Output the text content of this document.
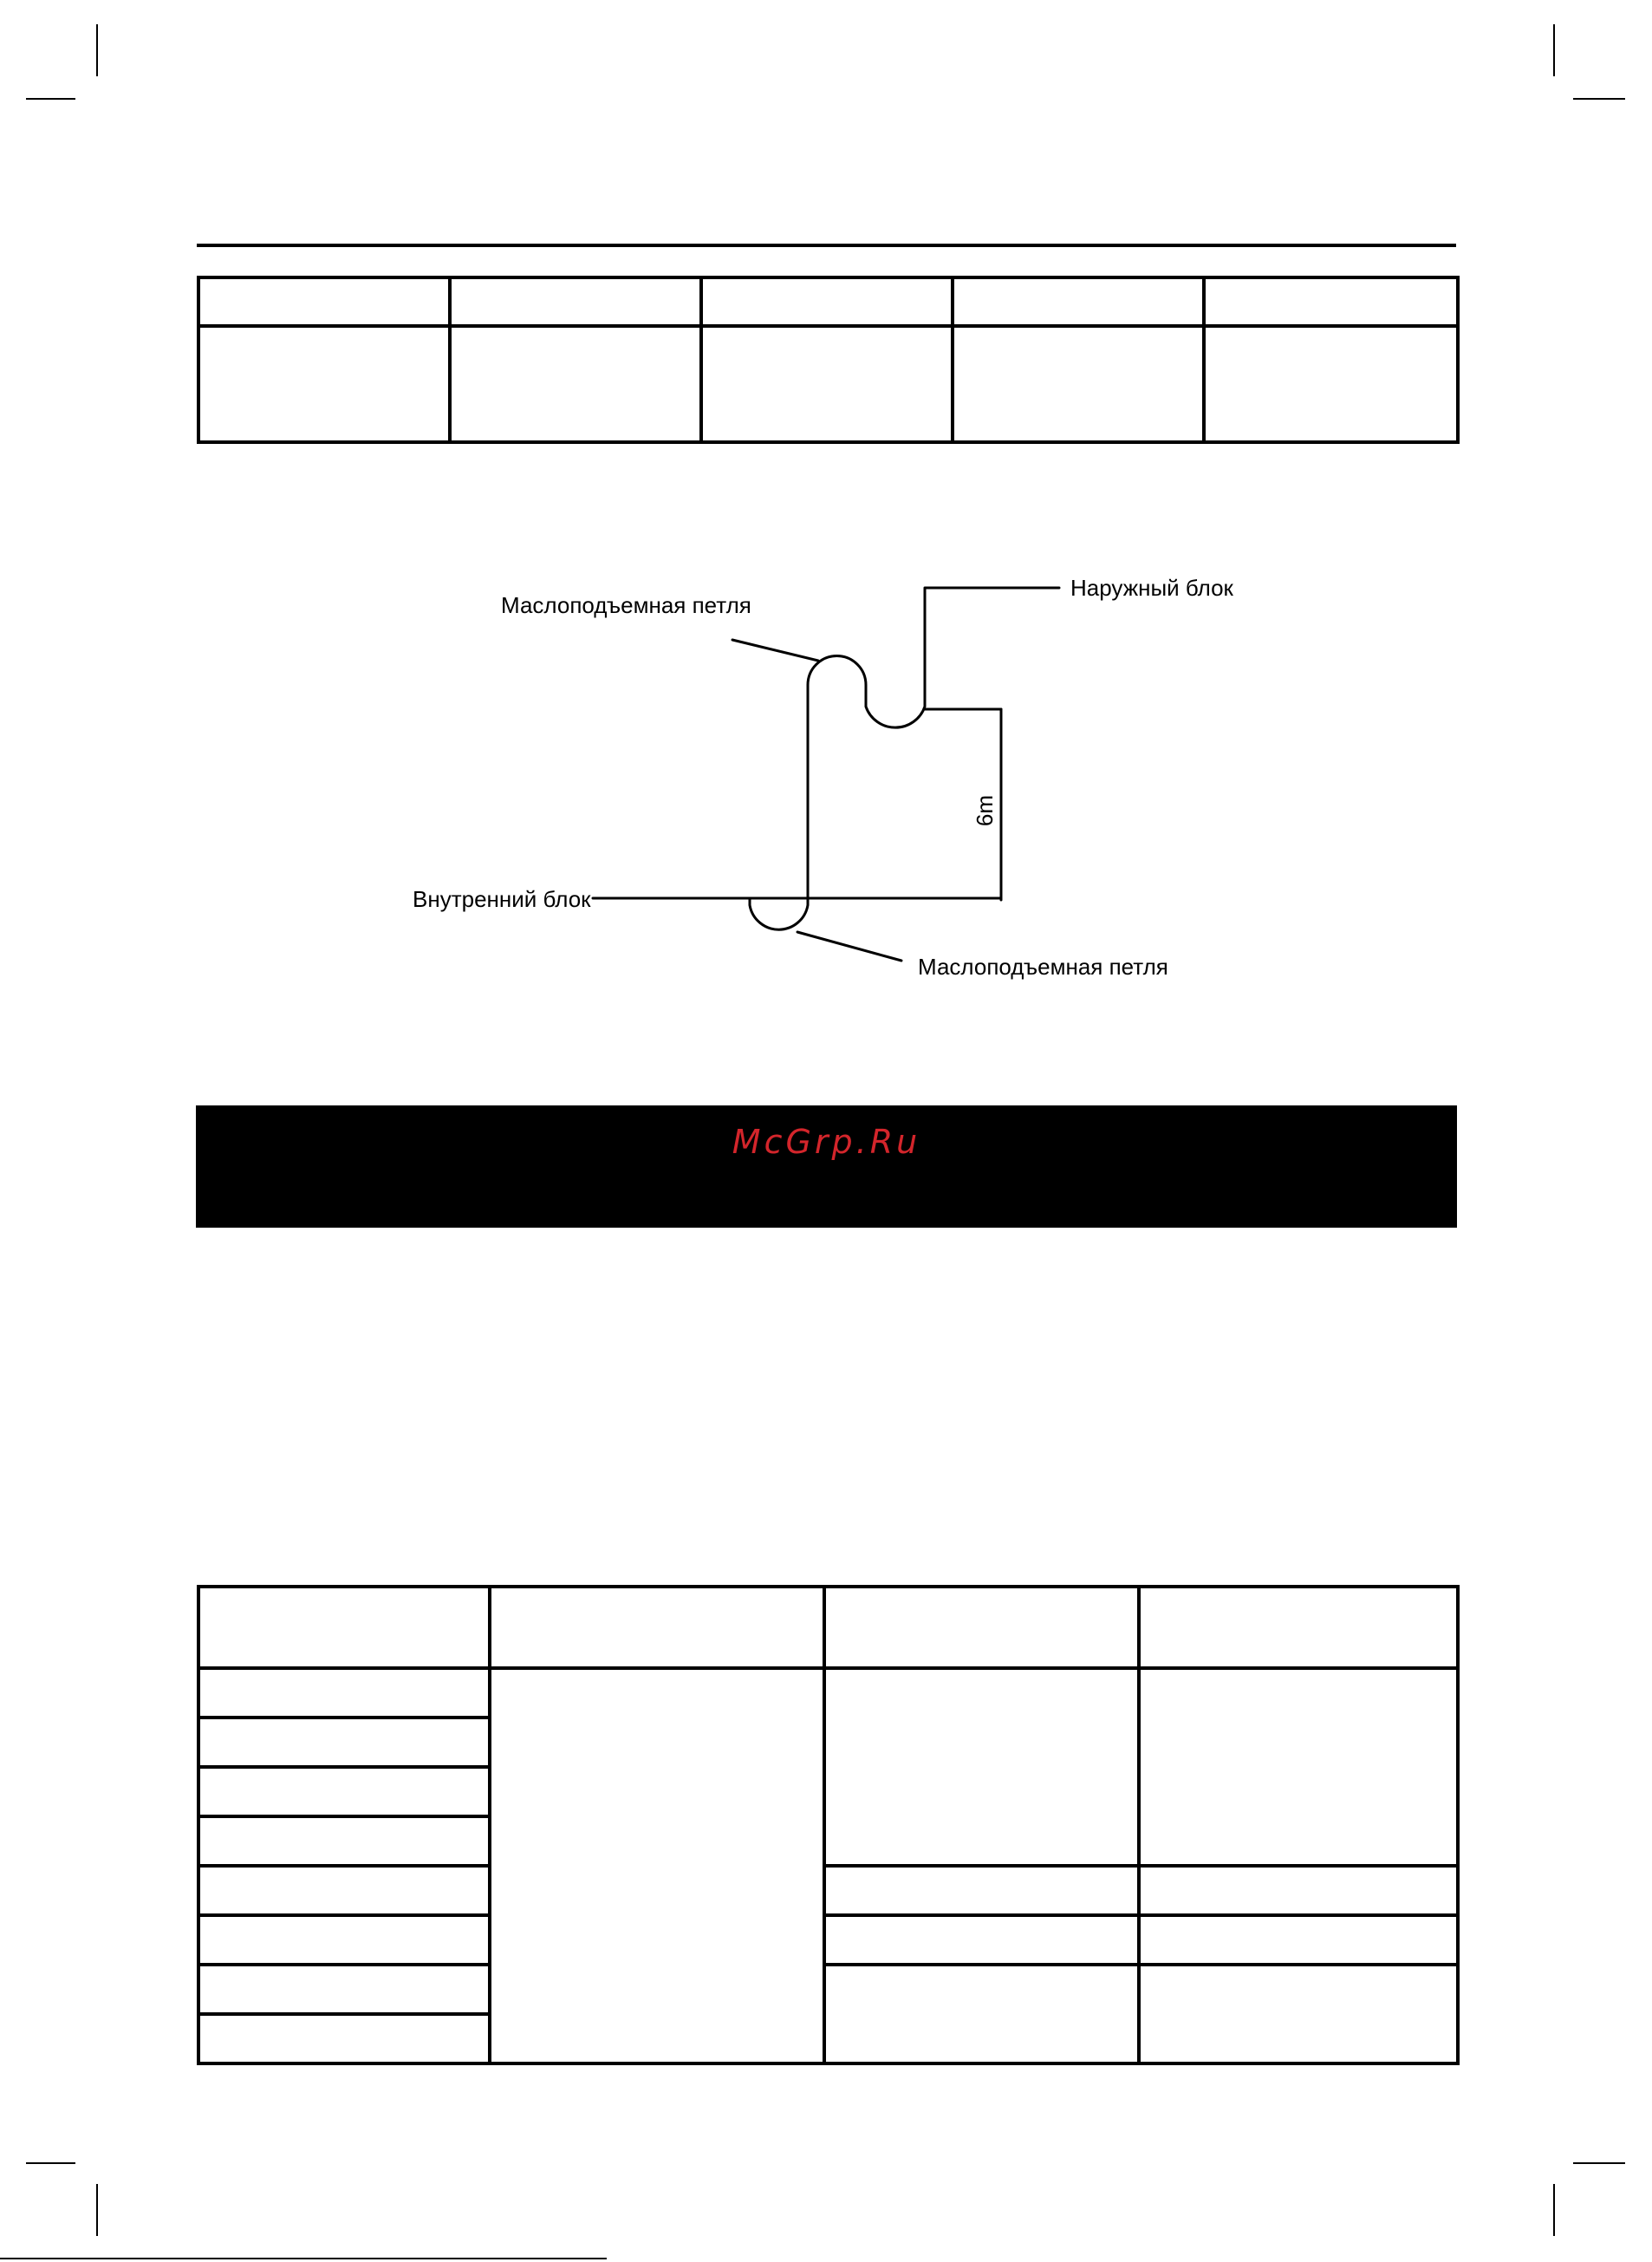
Наружный блок
Маслоподъемная петля
Внутренний блок
Маслоподъемная петля
6m
McGrp.Ru
